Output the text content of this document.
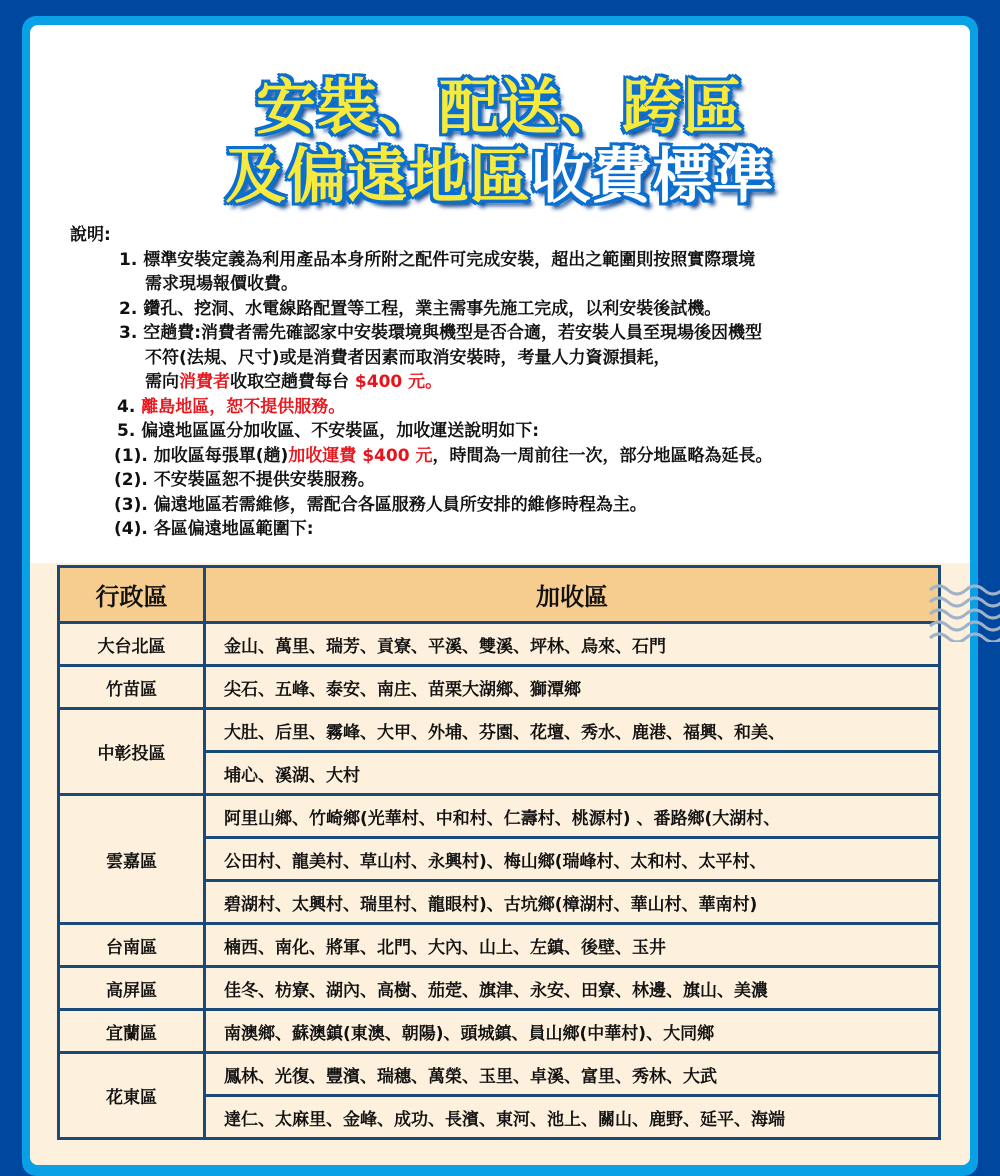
安裝、配送、跨區
及偏遠地區收費標準
說明:
1. 標準安裝定義為利用產品本身所附之配件可完成安裝，超出之範圍則按照實際環境
需求現場報價收費。
2. 鑽孔、挖洞、水電線路配置等工程，業主需事先施工完成，以利安裝後試機。
3. 空趟費:消費者需先確認家中安裝環境與機型是否合適，若安裝人員至現場後因機型
不符(法規、尺寸)或是消費者因素而取消安裝時，考量人力資源損耗，
需向消費者收取空趟費每台 $400 元。
4. 離島地區，恕不提供服務。
5. 偏遠地區區分加收區、不安裝區，加收運送說明如下:
(1). 加收區每張單(趟)加收運費 $400 元，時間為一周前往一次，部分地區略為延長。
(2). 不安裝區恕不提供安裝服務。
(3). 偏遠地區若需維修，需配合各區服務人員所安排的維修時程為主。
(4). 各區偏遠地區範圍下:
行政區	加收區
大台北區	金山、萬里、瑞芳、貢寮、平溪、雙溪、坪林、烏來、石門
竹苗區	尖石、五峰、泰安、南庄、苗栗大湖鄉、獅潭鄉
中彰投區	大肚、后里、霧峰、大甲、外埔、芬園、花壇、秀水、鹿港、福興、和美、
	埔心、溪湖、大村
雲嘉區	阿里山鄉、竹崎鄉(光華村、中和村、仁壽村、桃源村) 、番路鄉(大湖村、
	公田村、龍美村、草山村、永興村)、梅山鄉(瑞峰村、太和村、太平村、
	碧湖村、太興村、瑞里村、龍眼村)、古坑鄉(樟湖村、華山村、華南村)
台南區	楠西、南化、將軍、北門、大內、山上、左鎮、後壁、玉井
高屏區	佳冬、枋寮、湖內、高樹、茄萣、旗津、永安、田寮、林邊、旗山、美濃
宜蘭區	南澳鄉、蘇澳鎮(東澳、朝陽)、頭城鎮、員山鄉(中華村)、大同鄉
花東區	鳳林、光復、豐濱、瑞穗、萬榮、玉里、卓溪、富里、秀林、大武
	達仁、太麻里、金峰、成功、長濱、東河、池上、關山、鹿野、延平、海端
